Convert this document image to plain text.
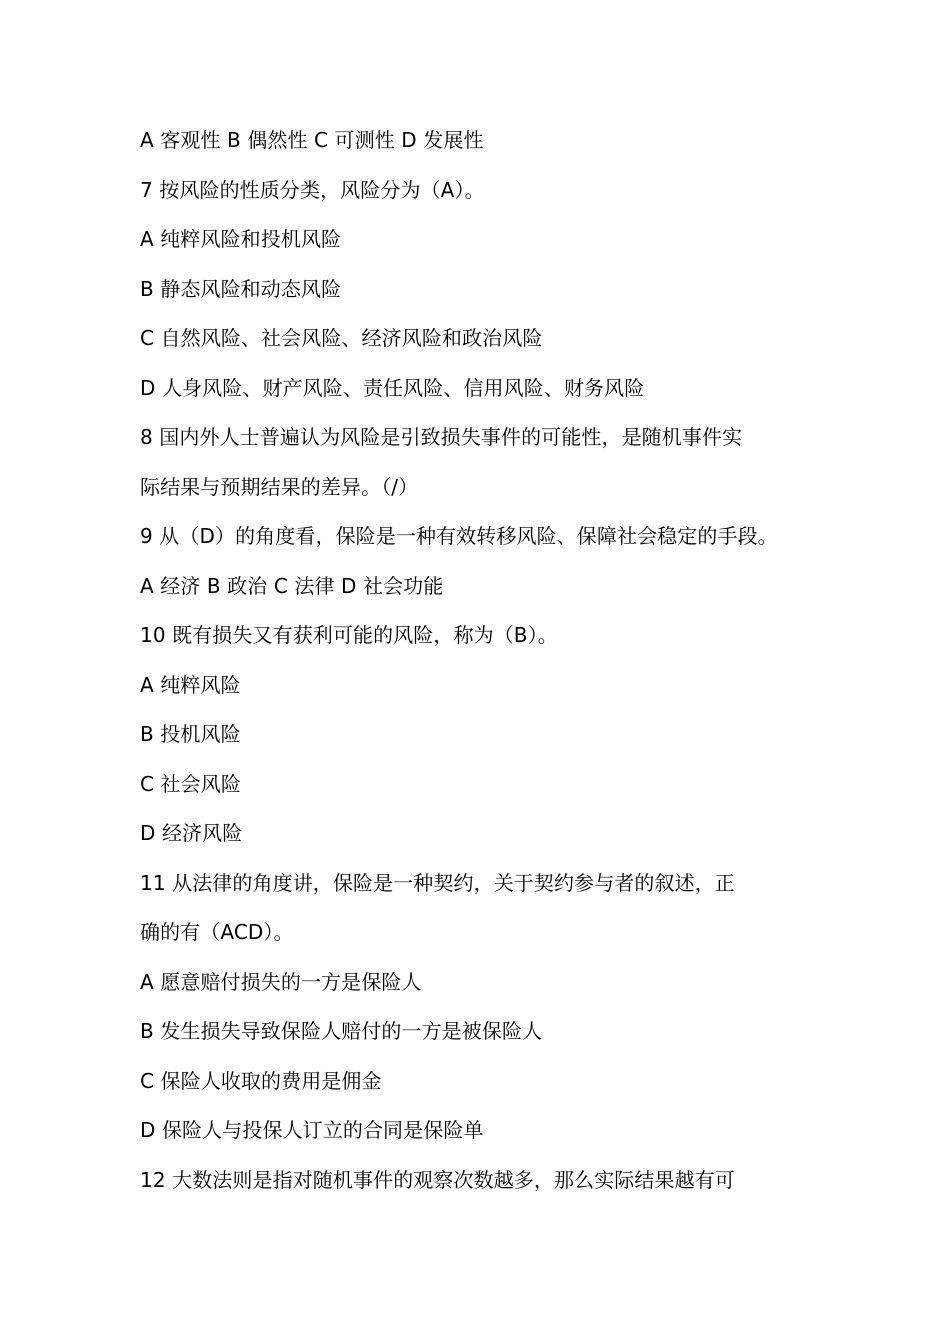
A 客观性 B 偶然性 C 可测性 D 发展性
7 按风险的性质分类，风险分为（A）。
A 纯粹风险和投机风险
B 静态风险和动态风险
C 自然风险、社会风险、经济风险和政治风险
D 人身风险、财产风险、责任风险、信用风险、财务风险
8 国内外人士普遍认为风险是引致损失事件的可能性，是随机事件实
际结果与预期结果的差异。（/）
9 从（D）的角度看，保险是一种有效转移风险、保障社会稳定的手段。
A 经济 B 政治 C 法律 D 社会功能
10 既有损失又有获利可能的风险，称为（B）。
A 纯粹风险
B 投机风险
C 社会风险
D 经济风险
11 从法律的角度讲，保险是一种契约，关于契约参与者的叙述，正
确的有（ACD）。
A 愿意赔付损失的一方是保险人
B 发生损失导致保险人赔付的一方是被保险人
C 保险人收取的费用是佣金
D 保险人与投保人订立的合同是保险单
12 大数法则是指对随机事件的观察次数越多，那么实际结果越有可
